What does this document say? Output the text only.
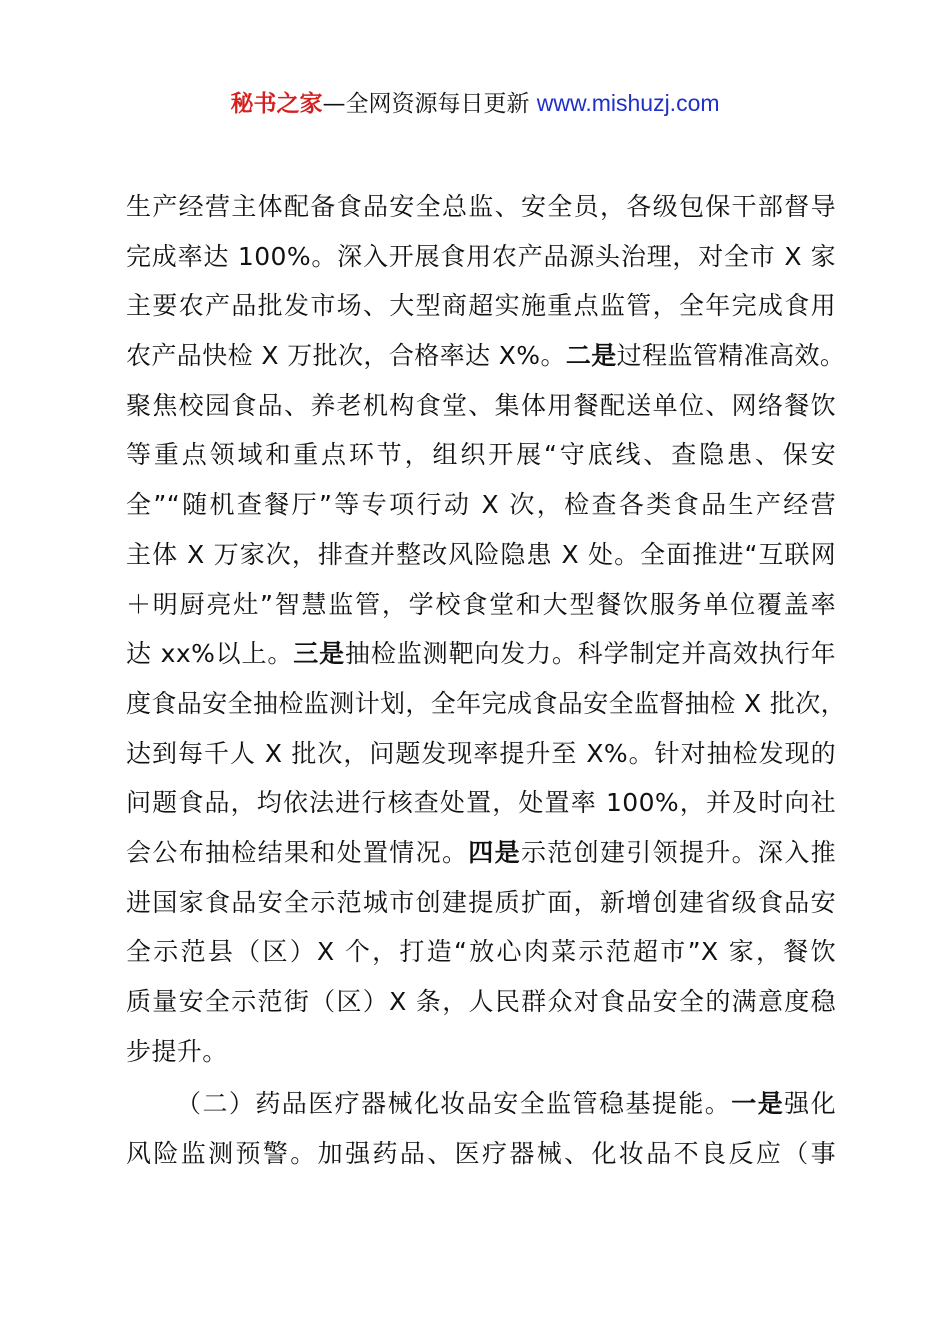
秘书之家—全网资源每日更新 www.mishuzj.com
生产经营主体配备食品安全总监、安全员，各级包保干部督导
完成率达 100%。深入开展食用农产品源头治理，对全市 X 家
主要农产品批发市场、大型商超实施重点监管，全年完成食用
农产品快检 X 万批次，合格率达 X%。二是过程监管精准高效。
聚焦校园食品、养老机构食堂、集体用餐配送单位、网络餐饮
等重点领域和重点环节，组织开展“守底线、查隐患、保安
全”“随机查餐厅”等专项行动 X 次，检查各类食品生产经营
主体 X 万家次，排查并整改风险隐患 X 处。全面推进“互联网
＋明厨亮灶”智慧监管，学校食堂和大型餐饮服务单位覆盖率
达 xx%以上。三是抽检监测靶向发力。科学制定并高效执行年
度食品安全抽检监测计划，全年完成食品安全监督抽检 X 批次，
达到每千人 X 批次，问题发现率提升至 X%。针对抽检发现的
问题食品，均依法进行核查处置，处置率 100%，并及时向社
会公布抽检结果和处置情况。四是示范创建引领提升。深入推
进国家食品安全示范城市创建提质扩面，新增创建省级食品安
全示范县（区）X 个，打造“放心肉菜示范超市”X 家，餐饮
质量安全示范街（区）X 条，人民群众对食品安全的满意度稳
步提升。
（二）药品医疗器械化妆品安全监管稳基提能。一是强化
风险监测预警。加强药品、医疗器械、化妆品不良反应（事
